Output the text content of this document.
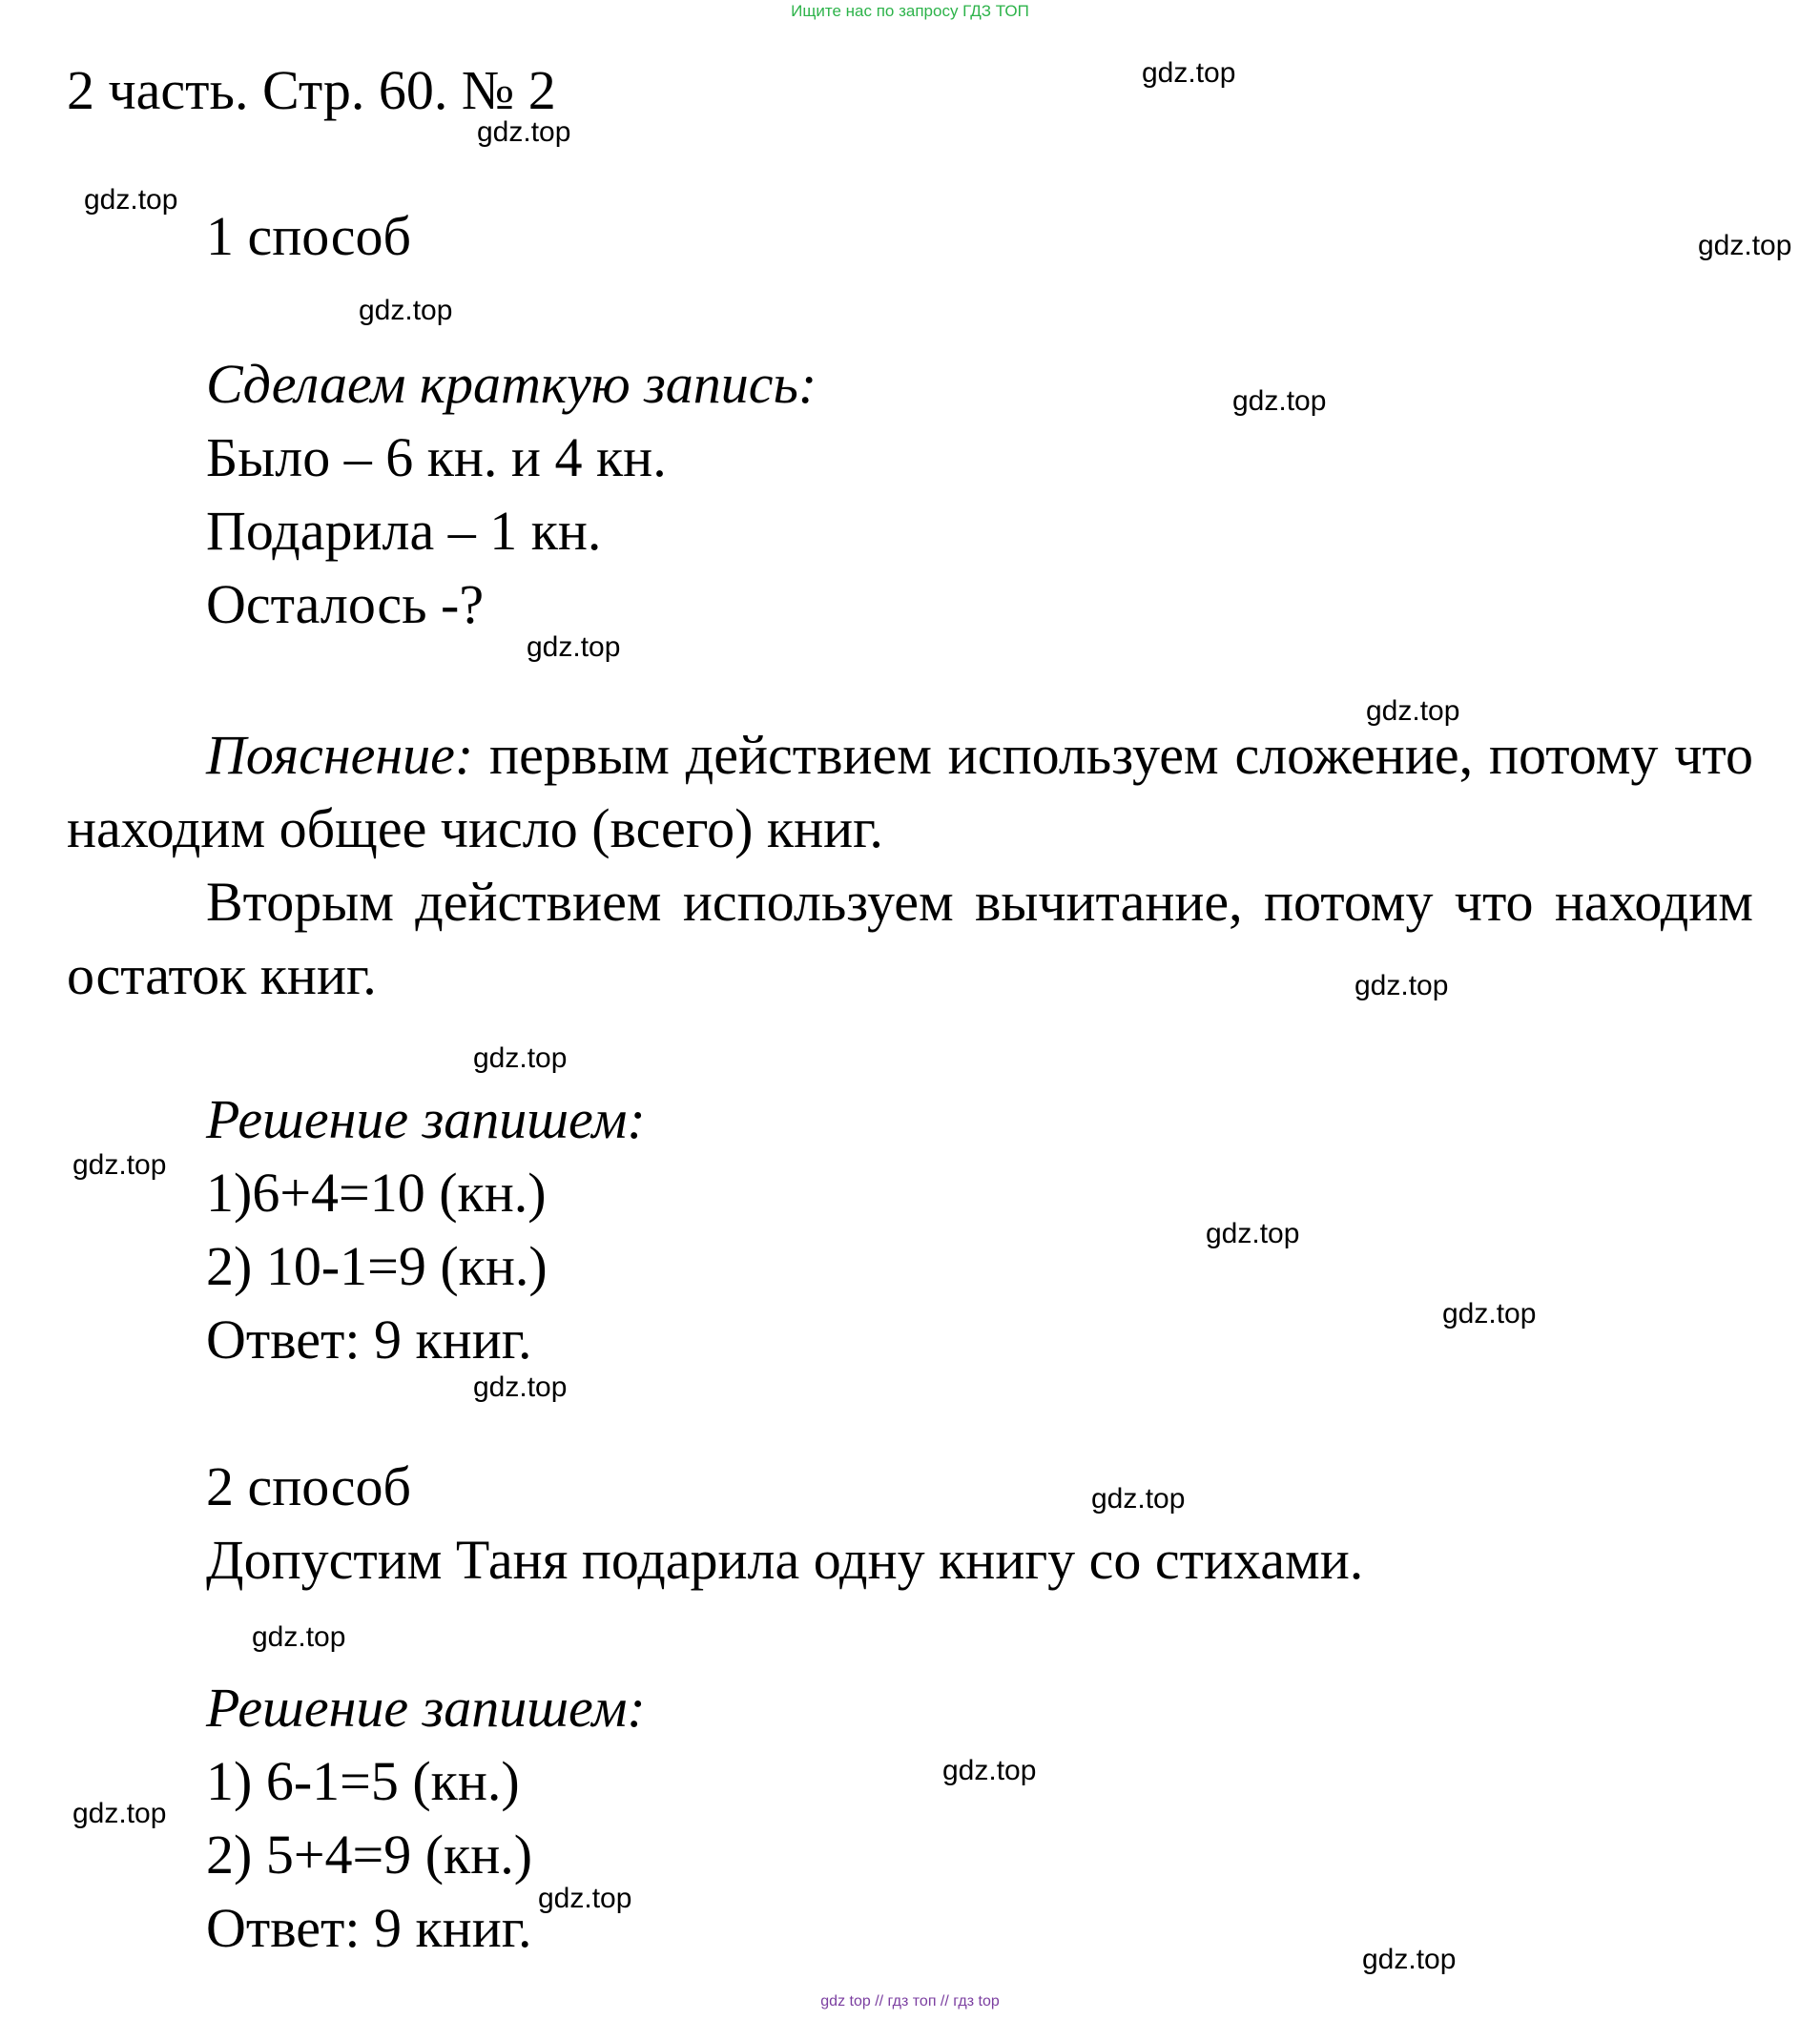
Ищите нас по запросу ГДЗ ТОП
2 часть. Стр. 60. № 2
1 способ
Сделаем краткую запись:
Было – 6 кн. и 4 кн.
Подарила – 1 кн.
Осталось -?
Пояснение: первым действием используем сложение, потому что находим общее число (всего) книг.
Вторым действием используем вычитание, потому что находим остаток книг.
Решение запишем:
1)6+4=10 (кн.)
2) 10-1=9 (кн.)
Ответ: 9 книг.
2 способ
Допустим Таня подарила одну книгу со стихами.
Решение запишем:
1) 6-1=5 (кн.)
2) 5+4=9 (кн.)
Ответ: 9 книг.
gdz.top
gdz.top
gdz.top
gdz.top
gdz.top
gdz.top
gdz.top
gdz.top
gdz.top
gdz.top
gdz.top
gdz.top
gdz.top
gdz.top
gdz.top
gdz.top
gdz.top
gdz.top
gdz.top
gdz.top
gdz top // гдз топ // гдз top
